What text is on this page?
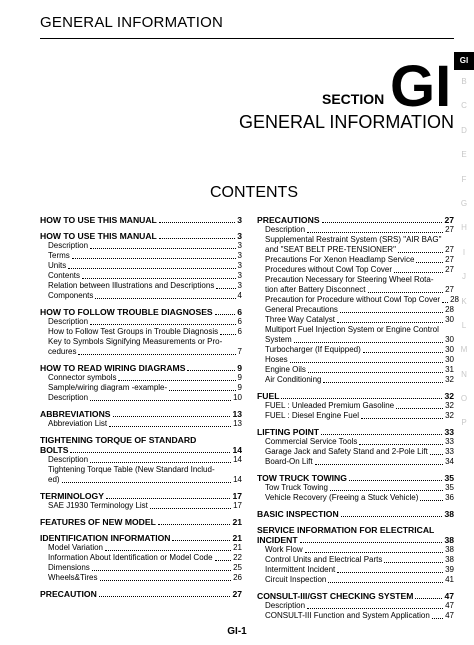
GENERAL INFORMATION
SECTION GI
GENERAL INFORMATION
CONTENTS
HOW TO USE THIS MANUAL	3
HOW TO USE THIS MANUAL	3
Description	3
Terms	3
Units	3
Contents	3
Relation between Illustrations and Descriptions	3
Components	4
HOW TO FOLLOW TROUBLE DIAGNOSES	6
Description	6
How to Follow Test Groups in Trouble Diagnosis 6
Key to Symbols Signifying Measurements or Pro-
cedures	7
HOW TO READ WIRING DIAGRAMS	9
Connector symbols	9
Sample/wiring diagram -example-	9
Description	10
ABBREVIATIONS	13
Abbreviation List	13
TIGHTENING TORQUE OF STANDARD
BOLTS	14
Description	14
Tightening Torque Table (New Standard Includ-
ed)	14
TERMINOLOGY	17
SAE J1930 Terminology List	17
FEATURES OF NEW MODEL	21
IDENTIFICATION INFORMATION	21
Model Variation	21
Information About Identification or Model Code	22
Dimensions	25
Wheels&Tires	26
PRECAUTION	27
PRECAUTIONS	27
Description	27
Supplemental Restraint System (SRS) "AIR BAG"
and "SEAT BELT PRE-TENSIONER"	27
Precautions For Xenon Headlamp Service	27
Procedures without Cowl Top Cover	27
Precaution Necessary for Steering Wheel Rota-
tion after Battery Disconnect	27
Precaution for Procedure without Cowl Top Cover 28
General Precautions	28
Three Way Catalyst	30
Multiport Fuel Injection System or Engine Control
System	30
Turbocharger (If Equipped)	30
Hoses	30
Engine Oils	31
Air Conditioning	32
FUEL	32
FUEL : Unleaded Premium Gasoline	32
FUEL : Diesel Engine Fuel	32
LIFTING POINT	33
Commercial Service Tools	33
Garage Jack and Safety Stand and 2-Pole Lift 33
Board-On Lift	34
TOW TRUCK TOWING	35
Tow Truck Towing	35
Vehicle Recovery (Freeing a Stuck Vehicle)	36
BASIC INSPECTION	38
SERVICE INFORMATION FOR ELECTRICAL
INCIDENT	38
Work Flow	38
Control Units and Electrical Parts	38
Intermittent Incident	39
Circuit Inspection	41
CONSULT-III/GST CHECKING SYSTEM	47
Description	47
CONSULT-III Function and System Application 47
GI
B
C
D
E
F
G
H
I
J
K
L
M
N
O
P
GI-1
